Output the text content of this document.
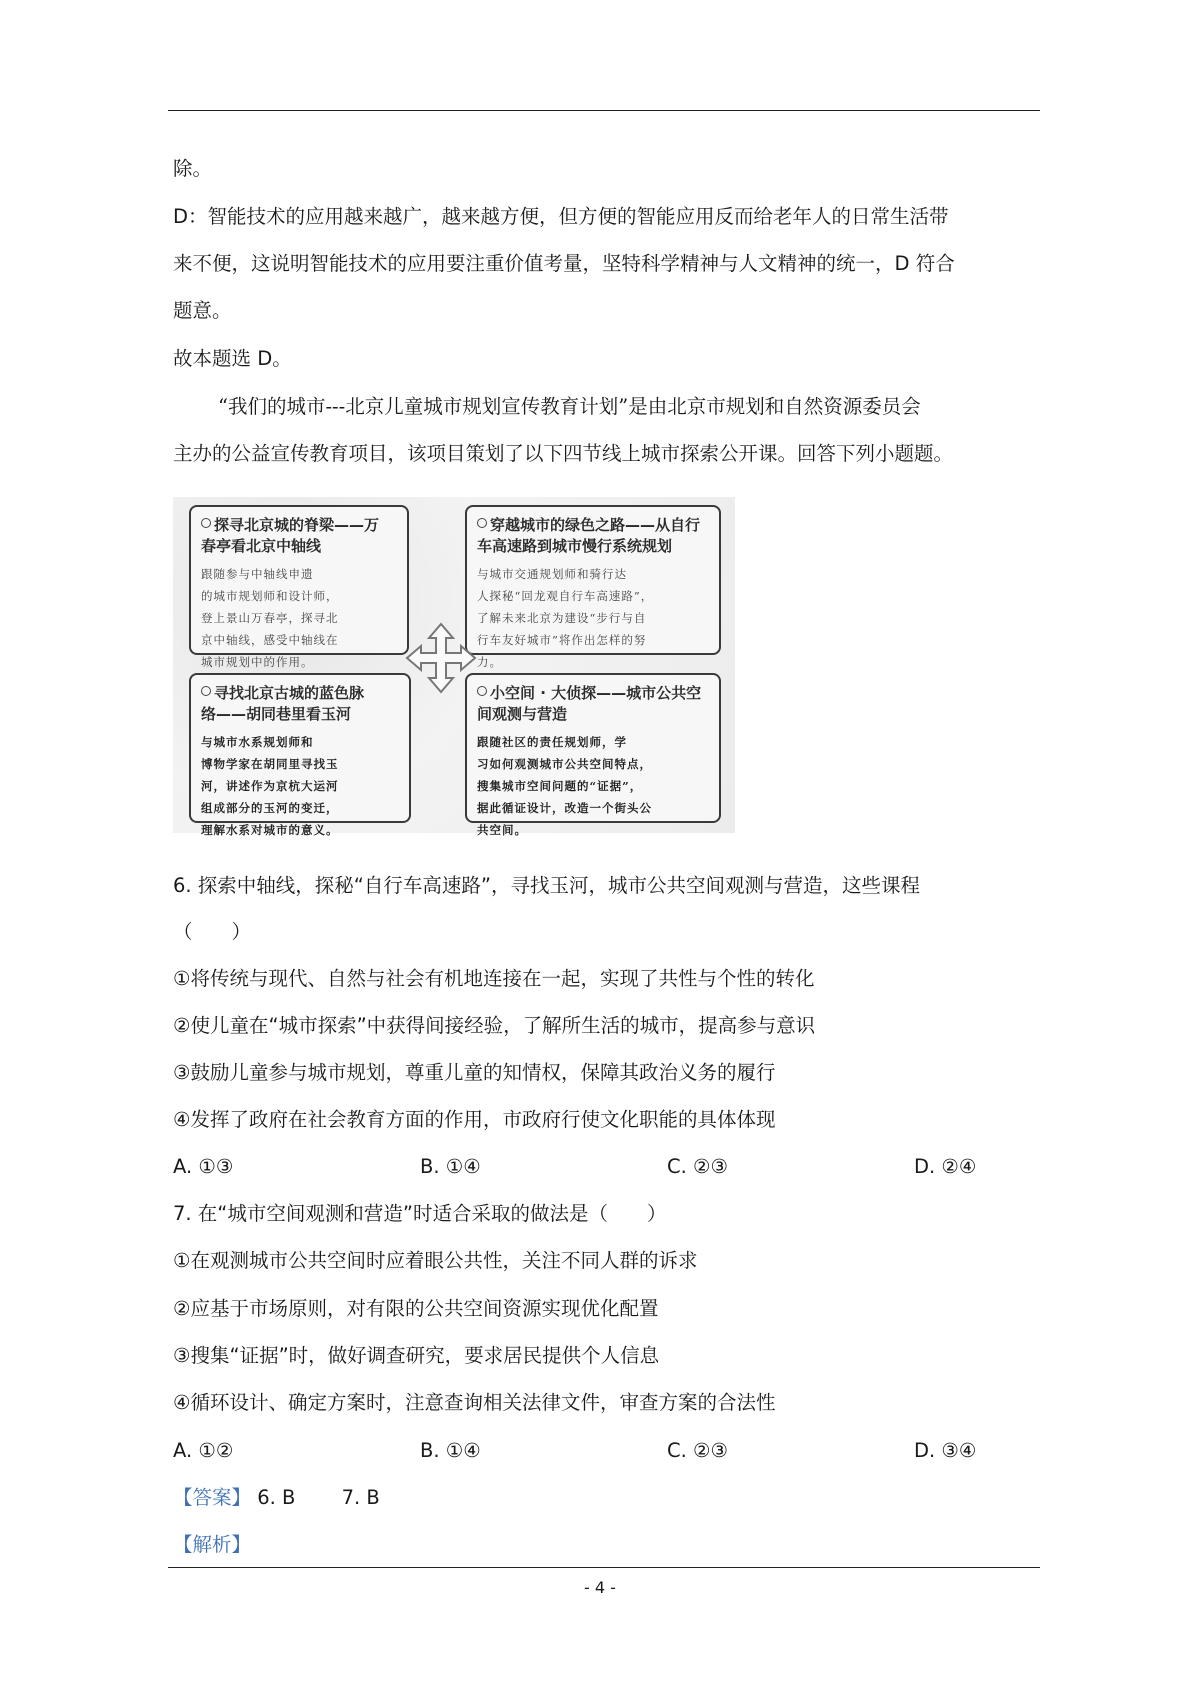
除。
D：智能技术的应用越来越广，越来越方便，但方便的智能应用反而给老年人的日常生活带
来不便，这说明智能技术的应用要注重价值考量，坚特科学精神与人文精神的统一，D 符合
题意。
故本题选 D。
“我们的城市---北京儿童城市规划宣传教育计划”是由北京市规划和自然资源委员会
主办的公益宣传教育项目，该项目策划了以下四节线上城市探索公开课。回答下列小题题。
探寻北京城的脊梁——万
春亭看北京中轴线
跟随参与中轴线申遗
的城市规划师和设计师，
登上景山万春亭，探寻北
京中轴线，感受中轴线在
城市规划中的作用。
穿越城市的绿色之路——从自行
车高速路到城市慢行系统规划
与城市交通规划师和骑行达
人探秘“回龙观自行车高速路”，
了解未来北京为建设“步行与自
行车友好城市”将作出怎样的努
力。
寻找北京古城的蓝色脉
络——胡同巷里看玉河
与城市水系规划师和
博物学家在胡同里寻找玉
河，讲述作为京杭大运河
组成部分的玉河的变迁，
理解水系对城市的意义。
小空间 · 大侦探——城市公共空
间观测与营造
跟随社区的责任规划师，学
习如何观测城市公共空间特点，
搜集城市空间问题的“证据”，
据此循证设计，改造一个街头公
共空间。
6. 探索中轴线，探秘“自行车高速路”，寻找玉河，城市公共空间观测与营造，这些课程
（　　）
①将传统与现代、自然与社会有机地连接在一起，实现了共性与个性的转化
②使儿童在“城市探索”中获得间接经验，了解所生活的城市，提高参与意识
③鼓励儿童参与城市规划，尊重儿童的知情权，保障其政治义务的履行
④发挥了政府在社会教育方面的作用，市政府行使文化职能的具体体现
A. ①③	B. ①④	C. ②③	D. ②④
7. 在“城市空间观测和营造”时适合采取的做法是（　　）
①在观测城市公共空间时应着眼公共性，关注不同人群的诉求
②应基于市场原则，对有限的公共空间资源实现优化配置
③搜集“证据”时，做好调查研究，要求居民提供个人信息
④循环设计、确定方案时，注意查询相关法律文件，审查方案的合法性
A. ①②	B. ①④	C. ②③	D. ③④
【答案】 6. B 7. B
【解析】
- 4 -
